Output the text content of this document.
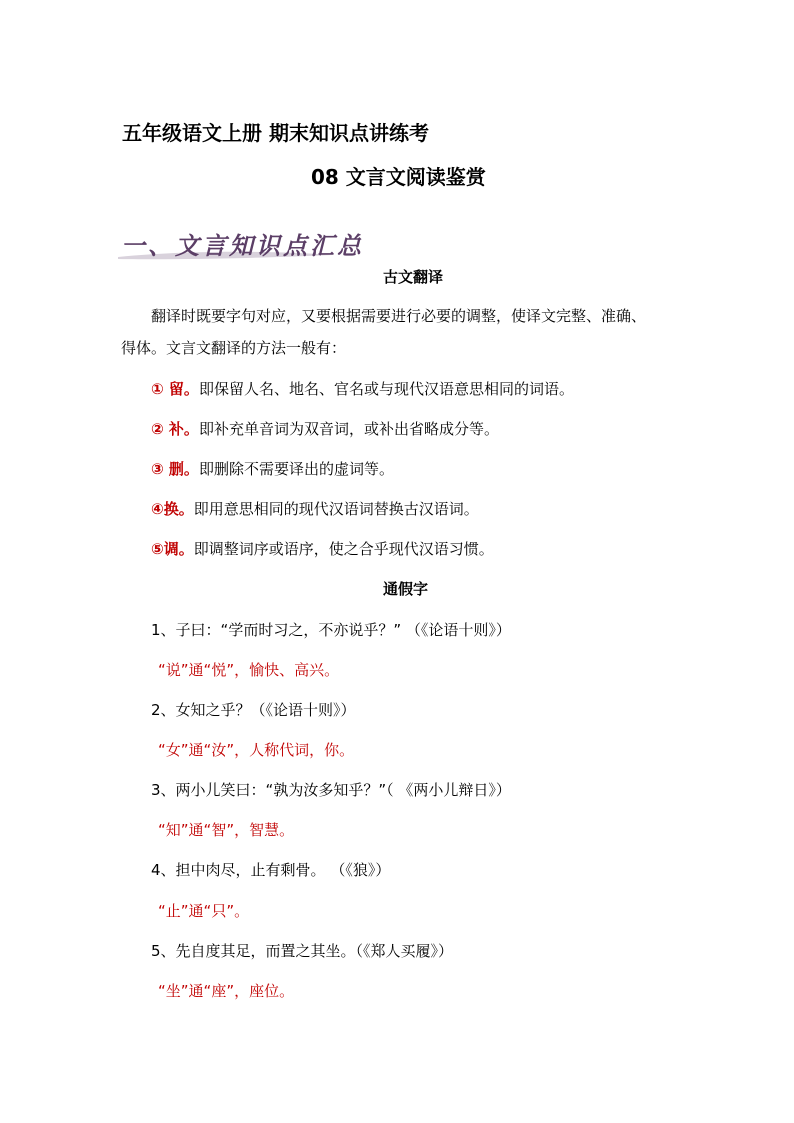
五年级语文上册 期末知识点讲练考
08 文言文阅读鉴赏
一、文言知识点汇总
古文翻译
翻译时既要字句对应，又要根据需要进行必要的调整，使译文完整、准确、
得体。文言文翻译的方法一般有：
① 留。即保留人名、地名、官名或与现代汉语意思相同的词语。
② 补。即补充单音词为双音词，或补出省略成分等。
③ 删。即删除不需要译出的虚词等。
④换。即用意思相同的现代汉语词替换古汉语词。
⑤调。即调整词序或语序，使之合乎现代汉语习惯。
通假字
1、子曰：“学而时习之，不亦说乎？” （《论语十则》）
“说”通“悦”，愉快、高兴。
2、女知之乎？（《论语十则》）
“女”通“汝”，人称代词，你。
3、两小儿笑曰：“孰为汝多知乎？”（ 《两小儿辩日》）
“知”通“智”，智慧。
4、担中肉尽，止有剩骨。 （《狼》）
“止”通“只”。
5、先自度其足，而置之其坐。（《郑人买履》）
“坐”通“座”，座位。
